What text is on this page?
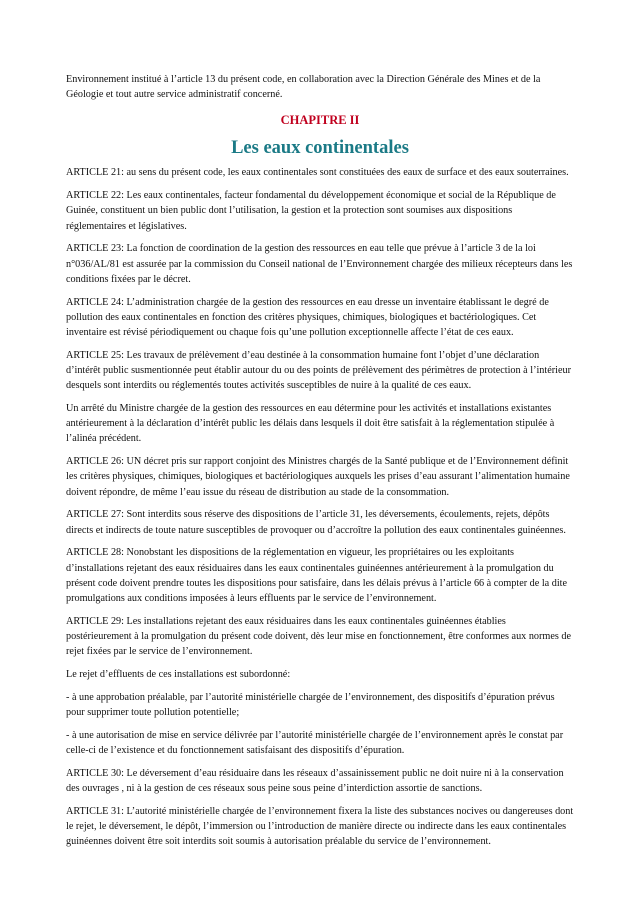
Environnement institué à l’article 13 du présent code, en collaboration avec la Direction Générale des Mines et de la Géologie et tout autre service administratif concerné.

CHAPITRE II
Les eaux continentales

ARTICLE 21: au sens du présent code, les eaux continentales sont constituées des eaux de surface et des eaux souterraines.

ARTICLE 22: Les eaux continentales, facteur fondamental du développement économique et social de la République de Guinée, constituent un bien public dont l’utilisation, la gestion et la protection sont soumises aux dispositions réglementaires et législatives.

ARTICLE 23: La fonction de coordination de la gestion des ressources en eau telle que prévue à l’article 3 de la loi n°036/AL/81 est assurée par la commission du Conseil national de l’Environnement chargée des milieux récepteurs dans les conditions fixées par le décret.

ARTICLE 24: L’administration chargée de la gestion des ressources en eau dresse un inventaire établissant le degré de pollution des eaux continentales en fonction des critères physiques, chimiques, biologiques et bactériologiques. Cet inventaire est révisé périodiquement ou chaque fois qu’une pollution exceptionnelle affecte l’état de ces eaux.

ARTICLE 25: Les travaux de prélèvement d’eau destinée à la consommation humaine font l’objet d’une déclaration d’intérêt public susmentionnée peut établir autour du ou des points de prélèvement des périmètres de protection à l’intérieur desquels sont interdits ou réglementés toutes activités susceptibles de nuire à la qualité de ces eaux.

Un arrêté du Ministre chargée de la gestion des ressources en eau détermine pour les activités et installations existantes antérieurement à la déclaration d’intérêt public les délais dans lesquels il doit être satisfait à la réglementation stipulée à l’alinéa précédent.

ARTICLE 26: UN décret pris sur rapport conjoint des Ministres chargés de la Santé publique et de l’Environnement définit les critères physiques, chimiques, biologiques et bactériologiques auxquels les prises d’eau assurant l’alimentation humaine doivent répondre, de même l’eau issue du réseau de distribution au stade de la consommation.

ARTICLE 27: Sont interdits sous réserve des dispositions de l’article 31, les déversements, écoulements, rejets, dépôts directs et indirects de toute nature susceptibles de provoquer ou d’accroître la pollution des eaux continentales guinéennes.

ARTICLE 28: Nonobstant les dispositions de la réglementation en vigueur, les propriétaires ou les exploitants d’installations rejetant des eaux résiduaires dans les eaux continentales guinéennes antérieurement à la promulgation du présent code doivent prendre toutes les dispositions pour satisfaire, dans les délais prévus à l’article 66 à compter de la dite promulgations aux conditions imposées à leurs effluents par le service de l’environnement.

ARTICLE 29: Les installations rejetant des eaux résiduaires dans les eaux continentales guinéennes établies postérieurement à la promulgation du présent code doivent, dès leur mise en fonctionnement, être conformes aux normes de rejet fixées par le service de l’environnement.

Le rejet d’effluents de ces installations est subordonné:

- à une approbation préalable, par l’autorité ministérielle chargée de l’environnement, des dispositifs d’épuration prévus pour supprimer toute pollution potentielle;

- à une autorisation de mise en service délivrée par l’autorité ministérielle chargée de l’environnement après le constat par celle-ci de l’existence et du fonctionnement satisfaisant des dispositifs d’épuration.

ARTICLE 30: Le déversement d’eau résiduaire dans les réseaux d’assainissement public ne doit nuire ni à la conservation des ouvrages , ni à la gestion de ces réseaux sous peine sous peine d’interdiction assortie de sanctions.

ARTICLE 31: L’autorité ministérielle chargée de l’environnement fixera la liste des substances nocives ou dangereuses dont le rejet, le déversement, le dépôt, l’immersion ou l’introduction de manière directe ou indirecte dans les eaux continentales guinéennes doivent être soit interdits soit soumis à autorisation préalable du service de l’environnement.
